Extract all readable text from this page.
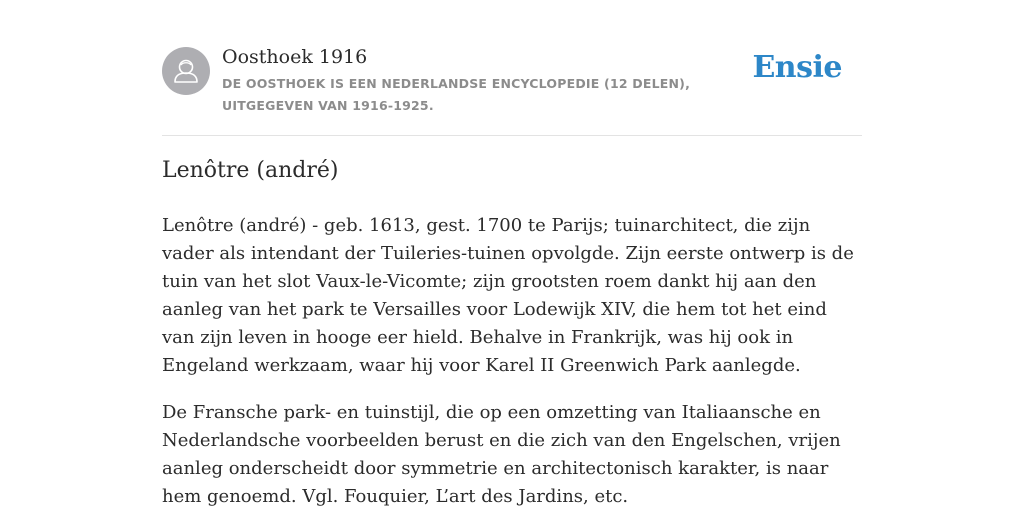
Oosthoek 1916
DE OOSTHOEK IS EEN NEDERLANDSE ENCYCLOPEDIE (12 DELEN), UITGEGEVEN VAN 1916-1925.
Ensie
Lenôtre (andré)

Lenôtre (andré) - geb. 1613, gest. 1700 te Parijs; tuinarchitect, die zijn vader als intendant der Tuileries-tuinen opvolgde. Zijn eerste ontwerp is de tuin van het slot Vaux-le-Vicomte; zijn grootsten roem dankt hij aan den aanleg van het park te Versailles voor Lodewijk XIV, die hem tot het eind van zijn leven in hooge eer hield. Behalve in Frankrijk, was hij ook in Engeland werkzaam, waar hij voor Karel II Greenwich Park aanlegde.

De Fransche park- en tuinstijl, die op een omzetting van Italiaansche en Nederlandsche voorbeelden berust en die zich van den Engelschen, vrijen aanleg onderscheidt door symmetrie en architectonisch karakter, is naar hem genoemd. Vgl. Fouquier, L’art des Jardins, etc.
